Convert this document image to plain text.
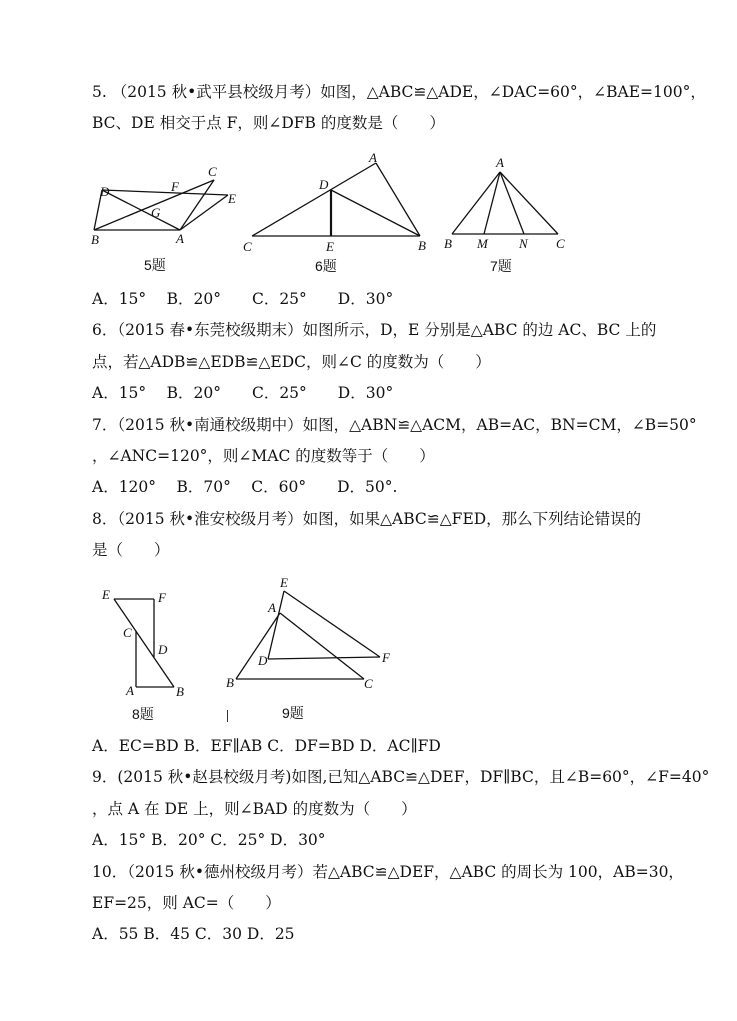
5. （2015 秋•武平县校级月考）如图，△ABC≌△ADE，∠DAC=60°，∠BAE=100°，
BC、DE 相交于点 F，则∠DFB 的度数是（　　）
D	F
C
G
E
B	A
5题
A
D
C	E	B
6题
A
B M N C
7题
A．15°　 B．20°　　C．25°　　D．30°
6．（2015 春•东莞校级期末）如图所示，D，E 分别是△ABC 的边 AC、BC 上的
点，若△ADB≌△EDB≌△EDC，则∠C 的度数为（　　）
A．15°　 B．20°　　C．25°　　D．30°
7．（2015 秋•南通校级期中）如图，△ABN≌△ACM，AB=AC，BN=CM，∠B=50°
，∠ANC=120°，则∠MAC 的度数等于（　　）
A．120°　 B．70°　 C．60°　　D．50°.
8．（2015 秋•淮安校级月考）如图，如果△ABC≌△FED，那么下列结论错误的
是（　　）
E	F
C
D
A	B
8题
E
A
D	F
B	C
9题
A．EC=BD B．EF∥AB C．DF=BD D．AC∥FD
9．(2015 秋•赵县校级月考)如图,已知△ABC≌△DEF，DF∥BC，且∠B=60°，∠F=40°
，点 A 在 DE 上，则∠BAD 的度数为（　　）
A．15° B．20° C．25° D．30°
10．（2015 秋•德州校级月考）若△ABC≌△DEF，△ABC 的周长为 100，AB=30，
EF=25，则 AC=（　　）
A．55 B．45 C．30 D．25
